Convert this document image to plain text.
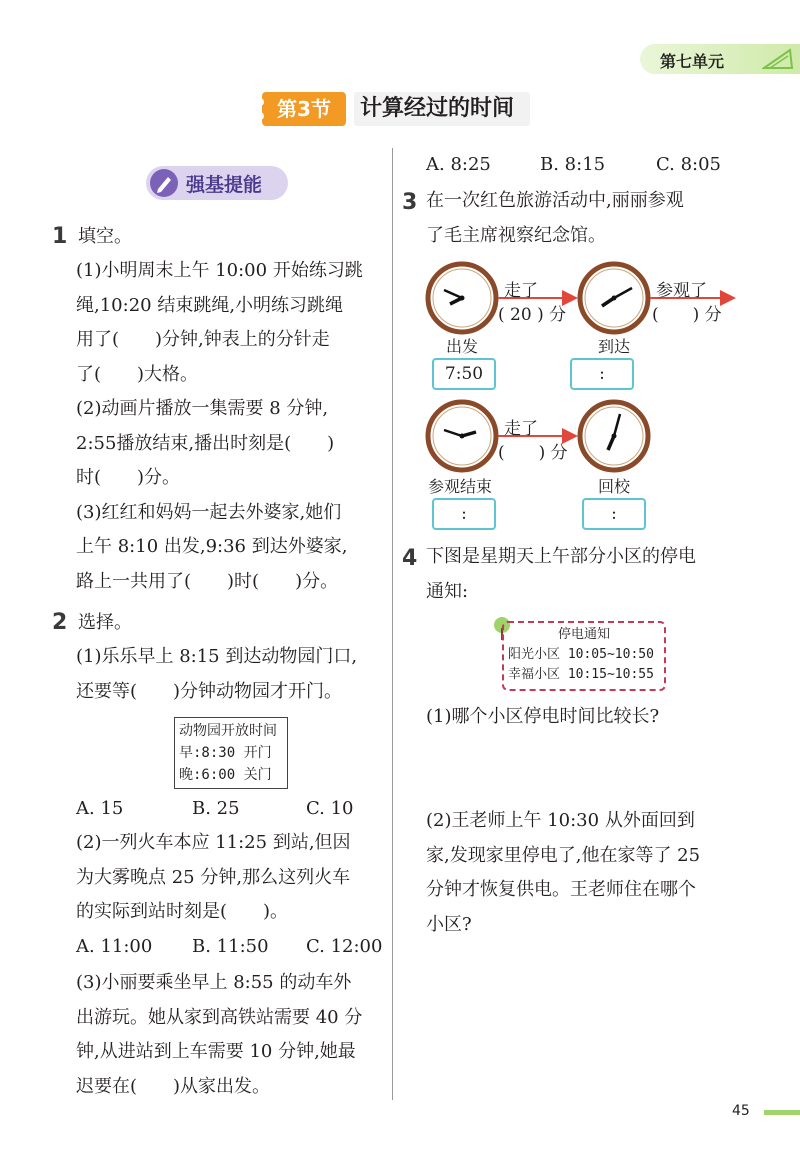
第七单元
第3节	计算经过的时间
强基提能
1 填空。
(1)小明周末上午 10:00 开始练习跳
绳,10:20 结束跳绳,小明练习跳绳
用了(　　)分钟,钟表上的分针走
了(　　)大格。
(2)动画片播放一集需要 8 分钟,
2:55播放结束,播出时刻是(　　)
时(　　)分。
(3)红红和妈妈一起去外婆家,她们
上午 8:10 出发,9:36 到达外婆家,
路上一共用了(　　)时(　　)分。
2 选择。
(1)乐乐早上 8:15 到达动物园门口,
还要等(　　)分钟动物园才开门。
动物园开放时间
早:8:30 开门
晚:6:00 关门
A. 15	B. 25	C. 10
(2)一列火车本应 11:25 到站,但因
为大雾晚点 25 分钟,那么这列火车
的实际到站时刻是(　　)。
A. 11:00 B. 11:50 C. 12:00
(3)小丽要乘坐早上 8:55 的动车外
出游玩。她从家到高铁站需要 40 分
钟,从进站到上车需要 10 分钟,她最
迟要在(　　)从家出发。
A. 8:25	B. 8:15	C. 8:05
3 在一次红色旅游活动中,丽丽参观
了毛主席视察纪念馆。
走了
( 20 ) 分
参观了
(　　) 分
走了
(　　) 分
出发	到达
参观结束	回校
7:50	:
:	:
4 下图是星期天上午部分小区的停电
通知:
停电通知
阳光小区 10:05~10:50
幸福小区 10:15~10:55
(1)哪个小区停电时间比较长?
(2)王老师上午 10:30 从外面回到
家,发现家里停电了,他在家等了 25
分钟才恢复供电。王老师住在哪个
小区?
45
